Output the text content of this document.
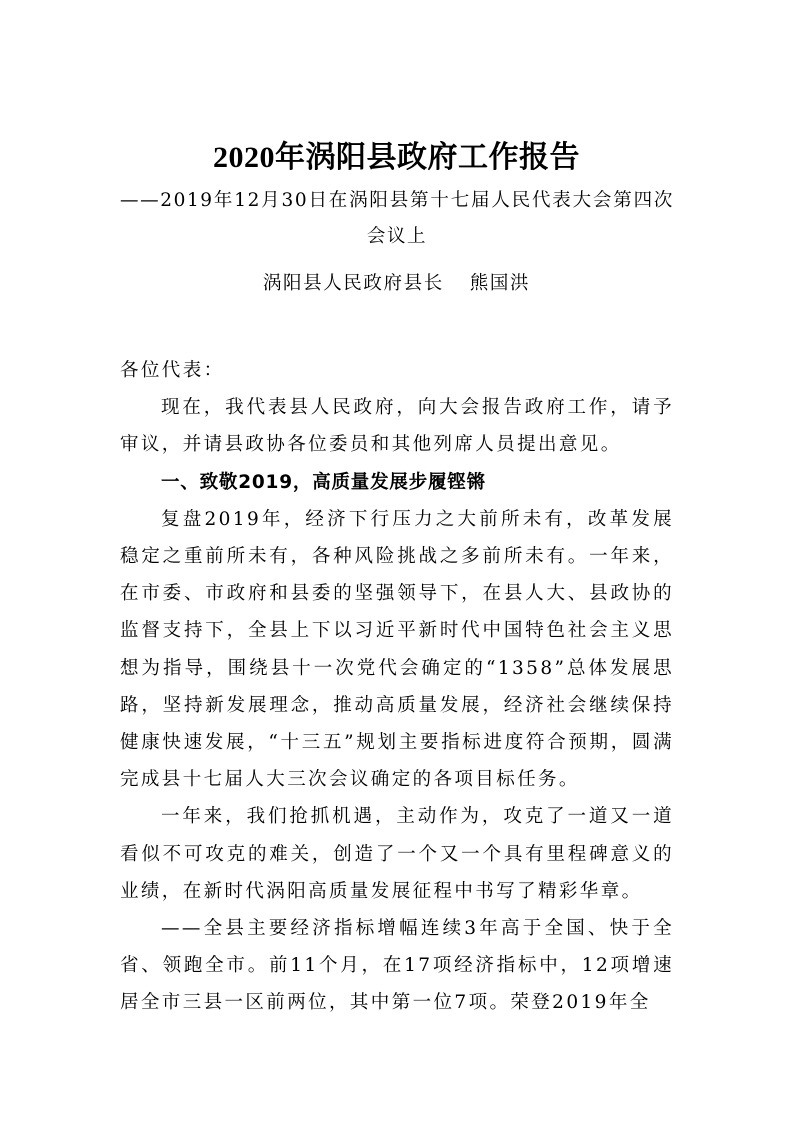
2020年涡阳县政府工作报告
——2019年12月30日在涡阳县第十七届人民代表大会第四次会议上
涡阳县人民政府县长 熊国洪

各位代表：

现在，我代表县人民政府，向大会报告政府工作，请予审议，并请县政协各位委员和其他列席人员提出意见。

一、致敬2019，高质量发展步履铿锵

复盘2019年，经济下行压力之大前所未有，改革发展稳定之重前所未有，各种风险挑战之多前所未有。一年来，在市委、市政府和县委的坚强领导下，在县人大、县政协的监督支持下，全县上下以习近平新时代中国特色社会主义思想为指导，围绕县十一次党代会确定的“1358”总体发展思路，坚持新发展理念，推动高质量发展，经济社会继续保持健康快速发展，“十三五”规划主要指标进度符合预期，圆满完成县十七届人大三次会议确定的各项目标任务。

一年来，我们抢抓机遇，主动作为，攻克了一道又一道看似不可攻克的难关，创造了一个又一个具有里程碑意义的业绩，在新时代涡阳高质量发展征程中书写了精彩华章。

——全县主要经济指标增幅连续3年高于全国、快于全省、领跑全市。前11个月，在17项经济指标中，12项增速居全市三县一区前两位，其中第一位7项。荣登2019年全
